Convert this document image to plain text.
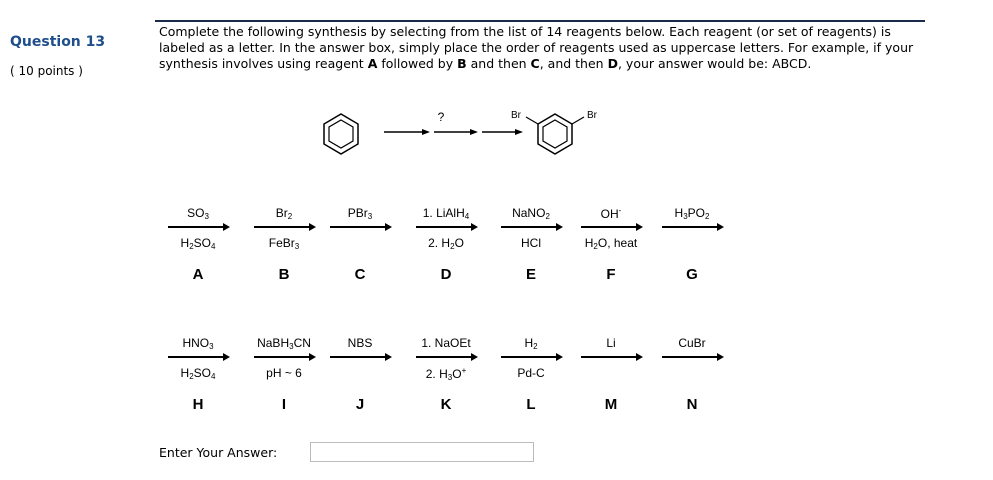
Question 13
( 10 points )
Complete the following synthesis by selecting from the list of 14 reagents below. Each reagent (or set of reagents) is labeled as a letter. In the answer box, simply place the order of reagents used as uppercase letters. For example, if your synthesis involves using reagent A followed by B and then C, and then D, your answer would be: ABCD.
?	Br	Br
$SO_3$
$H_2SO_4$
A
$Br_2$
FeBr$_3$
B
PBr$_3$
C
1. LiAlH$_4$
2. $H_2O$
D
NaNO$_2$
HCl
E
OH-
$H_2O$, heat
F
$H_3PO_2$
G
$HNO_3$
$H_2SO_4$
H
NaBH$_3$CN
pH ~ 6
I
NBS
J
1. NaOEt
2. $H_3O^+$
K
$H_2$
Pd-C
L
Li
M
CuBr
N
Enter Your Answer:
